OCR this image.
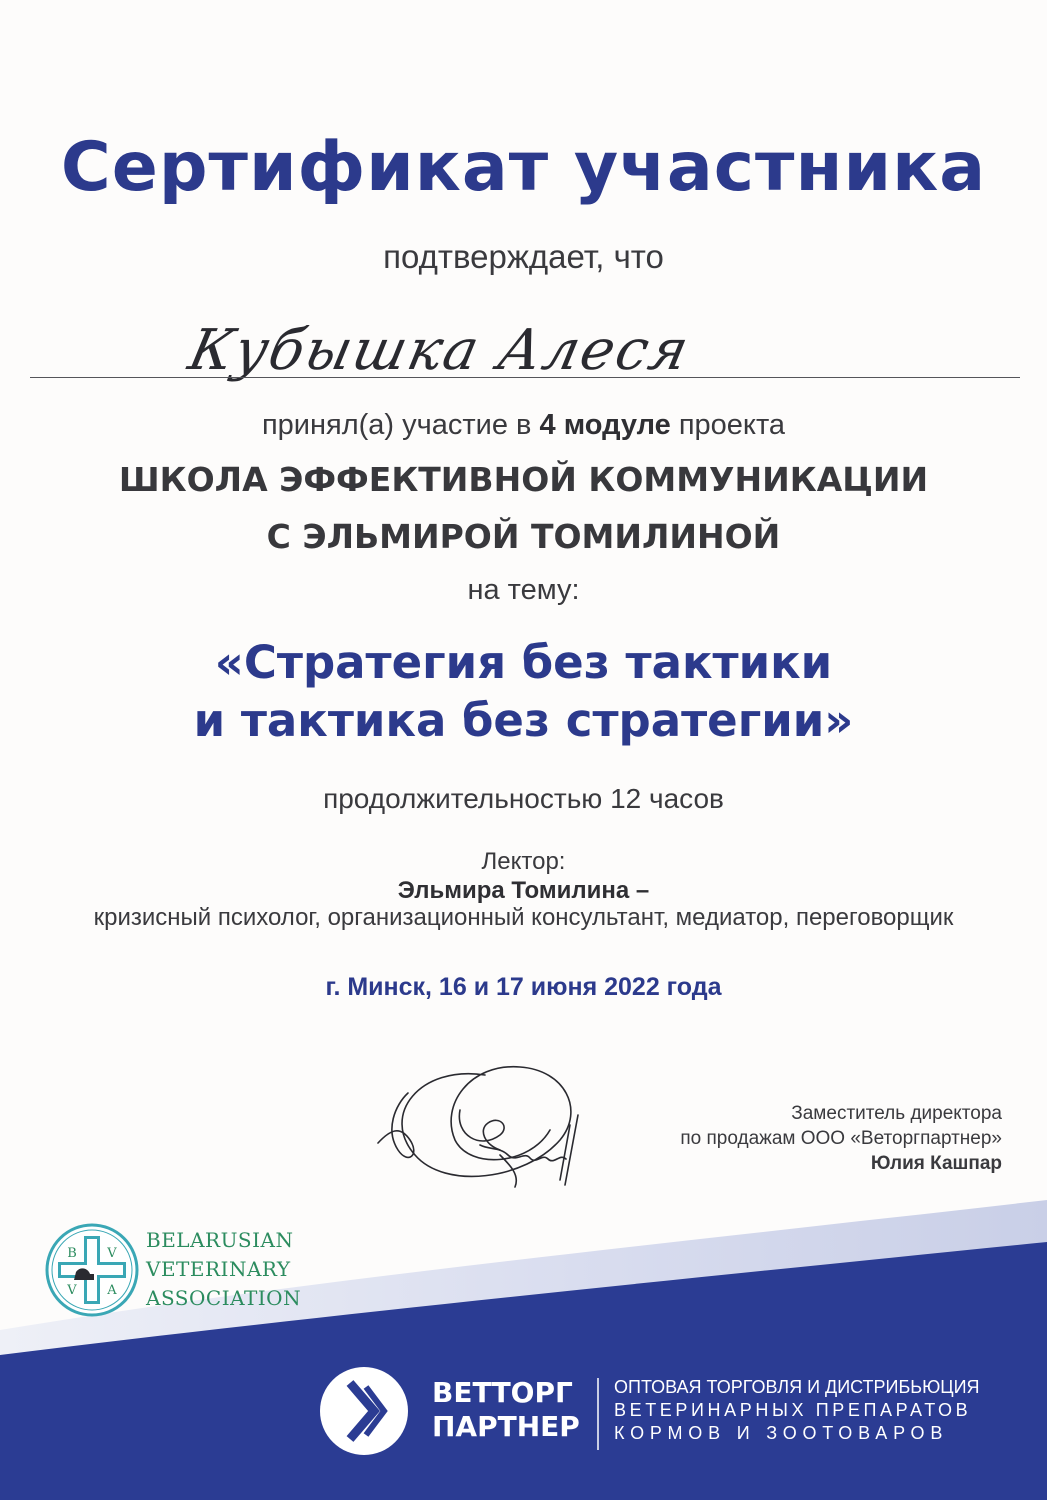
Сертификат участника
подтверждает, что
Кубышка Алеся
принял(а) участие в 4 модуле проекта
ШКОЛА ЭФФЕКТИВНОЙ КОММУНИКАЦИИ
С ЭЛЬМИРОЙ ТОМИЛИНОЙ
на тему:
«Стратегия без тактики
и тактика без стратегии»
продолжительностью 12 часов
Лектор:
Эльмира Томилина –
кризисный психолог, организационный консультант, медиатор, переговорщик
г. Минск, 16 и 17 июня 2022 года
Заместитель директора
по продажам ООО «Веторгпартнер»
Юлия Кашпар
B V
A
V
BELARUSIAN
VETERINARY
ASSOCIATION
ВЕТТОРГ
ПАРТНЕР
ОПТОВАЯ ТОРГОВЛЯ И ДИСТРИБЬЮЦИЯ
ВЕТЕРИНАРНЫХ ПРЕПАРАТОВ
КОРМОВ И ЗООТОВАРОВ
